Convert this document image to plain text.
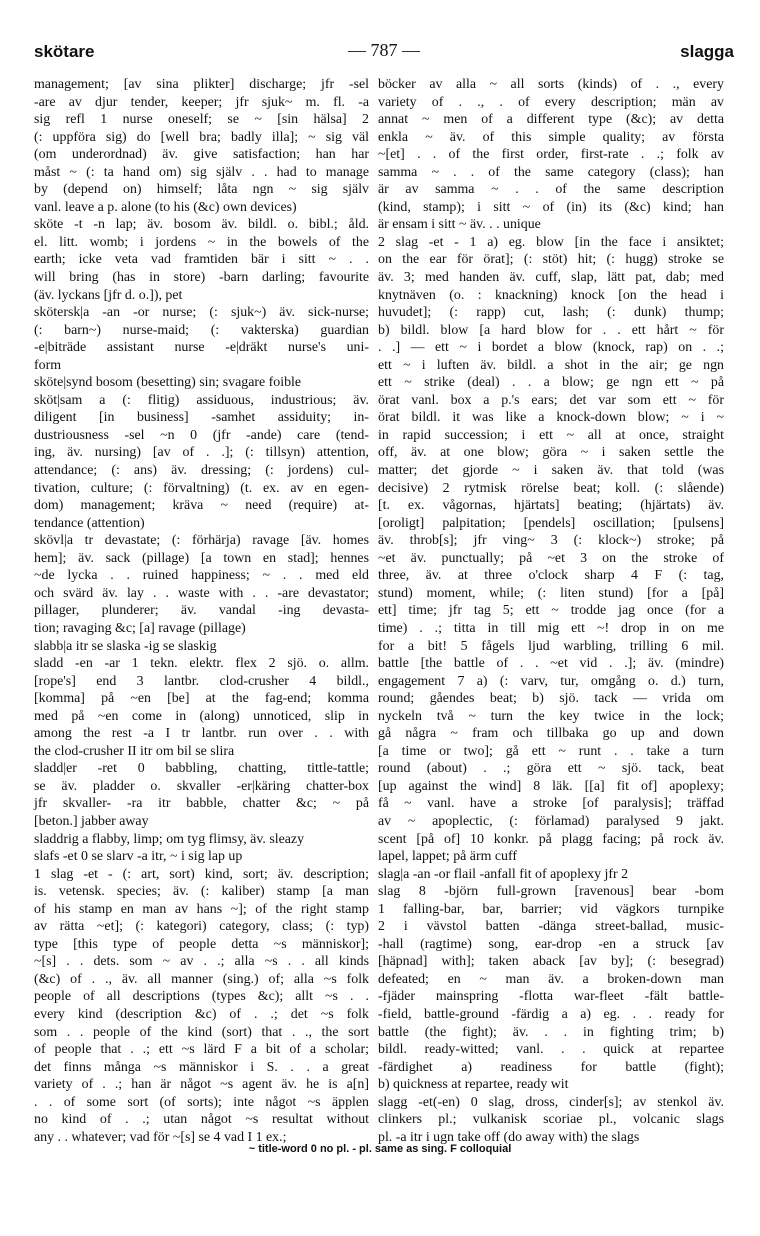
skötare	— 787 —	slagga
management; [av sina plikter] discharge; jfr -sel
-are av djur tender, keeper; jfr sjuk~ m. fl. -a
sig refl 1 nurse oneself; se ~ [sin hälsa] 2
(: uppföra sig) do [well bra; badly illa]; ~ sig väl
(om underordnad) äv. give satisfaction; han har
måst ~ (: ta hand om) sig själv . . had to manage
by (depend on) himself; låta ngn ~ sig själv
vanl. leave a p. alone (to his (&c) own devices)
sköte -t -n lap; äv. bosom äv. bildl. o. bibl.; åld.
el. litt. womb; i jordens ~ in the bowels of the
earth; icke veta vad framtiden bär i sitt ~ . .
will bring (has in store) -barn darling; favourite
(äv. lyckans [jfr d. o.]), pet
skötersk|a -an -or nurse; (: sjuk~) äv. sick-nurse;
(: barn~) nurse-maid; (: vakterska) guardian
-e|biträde assistant nurse -e|dräkt nurse's uni-
form
sköte|synd bosom (besetting) sin; svagare foible
sköt|sam a (: flitig) assiduous, industrious; äv.
diligent [in business] -samhet assiduity; in-
dustriousness -sel ~n 0 (jfr -ande) care (tend-
ing, äv. nursing) [av of . .]; (: tillsyn) attention,
attendance; (: ans) äv. dressing; (: jordens) cul-
tivation, culture; (: förvaltning) (t. ex. av en egen-
dom) management; kräva ~ need (require) at-
tendance (attention)
skövl|a tr devastate; (: förhärja) ravage [äv. homes
hem]; äv. sack (pillage) [a town en stad]; hennes
~de lycka . . ruined happiness; ~ . . med eld
och svärd äv. lay . . waste with . . -are devastator;
pillager, plunderer; äv. vandal -ing devasta-
tion; ravaging &c; [a] ravage (pillage)
slabb|a itr se slaska -ig se slaskig
sladd -en -ar 1 tekn. elektr. flex 2 sjö. o. allm.
[rope's] end 3 lantbr. clod-crusher 4 bildl.,
[komma] på ~en [be] at the fag-end; komma
med på ~en come in (along) unnoticed, slip in
among the rest -a I tr lantbr. run over . . with
the clod-crusher II itr om bil se slira
sladd|er -ret 0 babbling, chatting, tittle-tattle;
se äv. pladder o. skvaller -er|käring chatter-box
jfr skvaller- -ra itr babble, chatter &c; ~ på
[beton.] jabber away
sladdrig a flabby, limp; om tyg flimsy, äv. sleazy
slafs -et 0 se slarv -a itr, ~ i sig lap up
1 slag -et - (: art, sort) kind, sort; äv. description;
is. vetensk. species; äv. (: kaliber) stamp [a man
of his stamp en man av hans ~]; of the right stamp
av rätta ~et]; (: kategori) category, class; (: typ)
type [this type of people detta ~s människor];
~[s] . . dets. som ~ av . .; alla ~s . . all kinds
(&c) of . ., äv. all manner (sing.) of; alla ~s folk
people of all descriptions (types &c); allt ~s . .
every kind (description &c) of . .; det ~s folk
som . . people of the kind (sort) that . ., the sort
of people that . .; ett ~s lärd F a bit of a scholar;
det finns många ~s människor i S. . . a great
variety of . .; han är något ~s agent äv. he is a[n]
. . of some sort (of sorts); inte något ~s äpplen
no kind of . .; utan något ~s resultat without
any . . whatever; vad för ~[s] se 4 vad I 1 ex.;
böcker av alla ~ all sorts (kinds) of . ., every
variety of . ., . of every description; män av
annat ~ men of a different type (&c); av detta
enkla ~ äv. of this simple quality; av första
~[et] . . of the first order, first-rate . .; folk av
samma ~ . . of the same category (class); han
är av samma ~ . . of the same description
(kind, stamp); i sitt ~ of (in) its (&c) kind; han
är ensam i sitt ~ äv. . . unique
2 slag -et - 1 a) eg. blow [in the face i ansiktet;
on the ear för örat]; (: stöt) hit; (: hugg) stroke se
äv. 3; med handen äv. cuff, slap, lätt pat, dab; med
knytnäven (o. : knackning) knock [on the head i
huvudet]; (: rapp) cut, lash; (: dunk) thump;
b) bildl. blow [a hard blow for . . ett hårt ~ för
. .] — ett ~ i bordet a blow (knock, rap) on . .;
ett ~ i luften äv. bildl. a shot in the air; ge ngn
ett ~ strike (deal) . . a blow; ge ngn ett ~ på
örat vanl. box a p.'s ears; det var som ett ~ för
örat bildl. it was like a knock-down blow; ~ i ~
in rapid succession; i ett ~ all at once, straight
off, äv. at one blow; göra ~ i saken settle the
matter; det gjorde ~ i saken äv. that told (was
decisive) 2 rytmisk rörelse beat; koll. (: slående)
[t. ex. vågornas, hjärtats] beating; (hjärtats) äv.
[oroligt] palpitation; [pendels] oscillation; [pulsens]
äv. throb[s]; jfr ving~ 3 (: klock~) stroke; på
~et äv. punctually; på ~et 3 on the stroke of
three, äv. at three o'clock sharp 4 F (: tag,
stund) moment, while; (: liten stund) [for a [på]
ett] time; jfr tag 5; ett ~ trodde jag once (for a
time) . .; titta in till mig ett ~! drop in on me
for a bit! 5 fågels ljud warbling, trilling 6 mil.
battle [the battle of . . ~et vid . .]; äv. (mindre)
engagement 7 a) (: varv, tur, omgång o. d.) turn,
round; gåendes beat; b) sjö. tack — vrida om
nyckeln två ~ turn the key twice in the lock;
gå några ~ fram och tillbaka go up and down
[a time or two]; gå ett ~ runt . . take a turn
round (about) . .; göra ett ~ sjö. tack, beat
[up against the wind] 8 läk. [[a] fit of] apoplexy;
få ~ vanl. have a stroke [of paralysis]; träffad
av ~ apoplectic, (: förlamad) paralysed 9 jakt.
scent [på of] 10 konkr. på plagg facing; på rock äv.
lapel, lappet; på ärm cuff
slag|a -an -or flail -anfall fit of apoplexy jfr 2
slag 8 -björn full-grown [ravenous] bear -bom
1 falling-bar, bar, barrier; vid vägkors turnpike
2 i vävstol batten -dänga street-ballad, music-
-hall (ragtime) song, ear-drop -en a struck [av
[häpnad] with]; taken aback [av by]; (: besegrad)
defeated; en ~ man äv. a broken-down man
-fjäder mainspring -flotta war-fleet -fält battle-
-field, battle-ground -färdig a a) eg. . . ready for
battle (the fight); äv. . . in fighting trim; b)
bildl. ready-witted; vanl. . . quick at repartee
-färdighet a) readiness for battle (fight);
b) quickness at repartee, ready wit
slagg -et(-en) 0 slag, dross, cinder[s]; av stenkol äv.
clinkers pl.; vulkanisk scoriae pl., volcanic slags
pl. -a itr i ugn take off (do away with) the slags
~ title-word 0 no pl. - pl. same as sing. F colloquial
